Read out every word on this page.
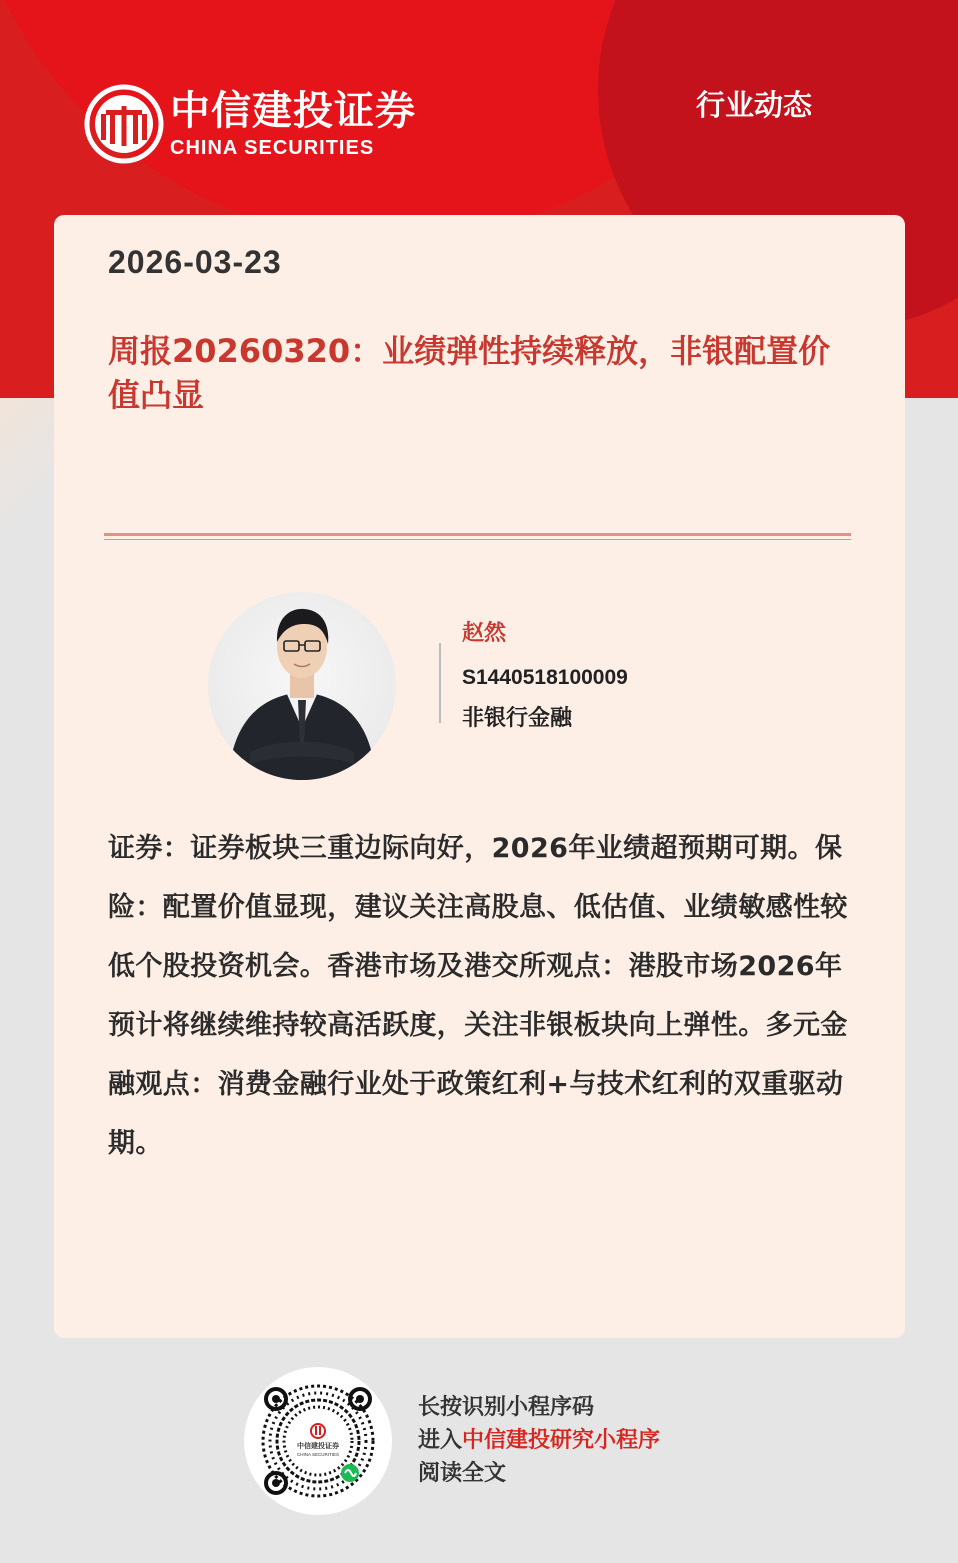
中信建投证券
CHINA SECURITIES
行业动态
2026-03-23
周报20260320：业绩弹性持续释放，非银配置价值凸显
赵然
S1440518100009
非银行金融

证券：证券板块三重边际向好，2026年业绩超预期可期。保险：配置价值显现，建议关注高股息、低估值、业绩敏感性较低个股投资机会。香港市场及港交所观点：港股市场2026年预计将继续维持较高活跃度，关注非银板块向上弹性。多元金融观点：消费金融行业处于政策红利+与技术红利的双重驱动期。

中信建投证券
CHINA SECURITIES
长按识别小程序码
进入中信建投研究小程序
阅读全文
